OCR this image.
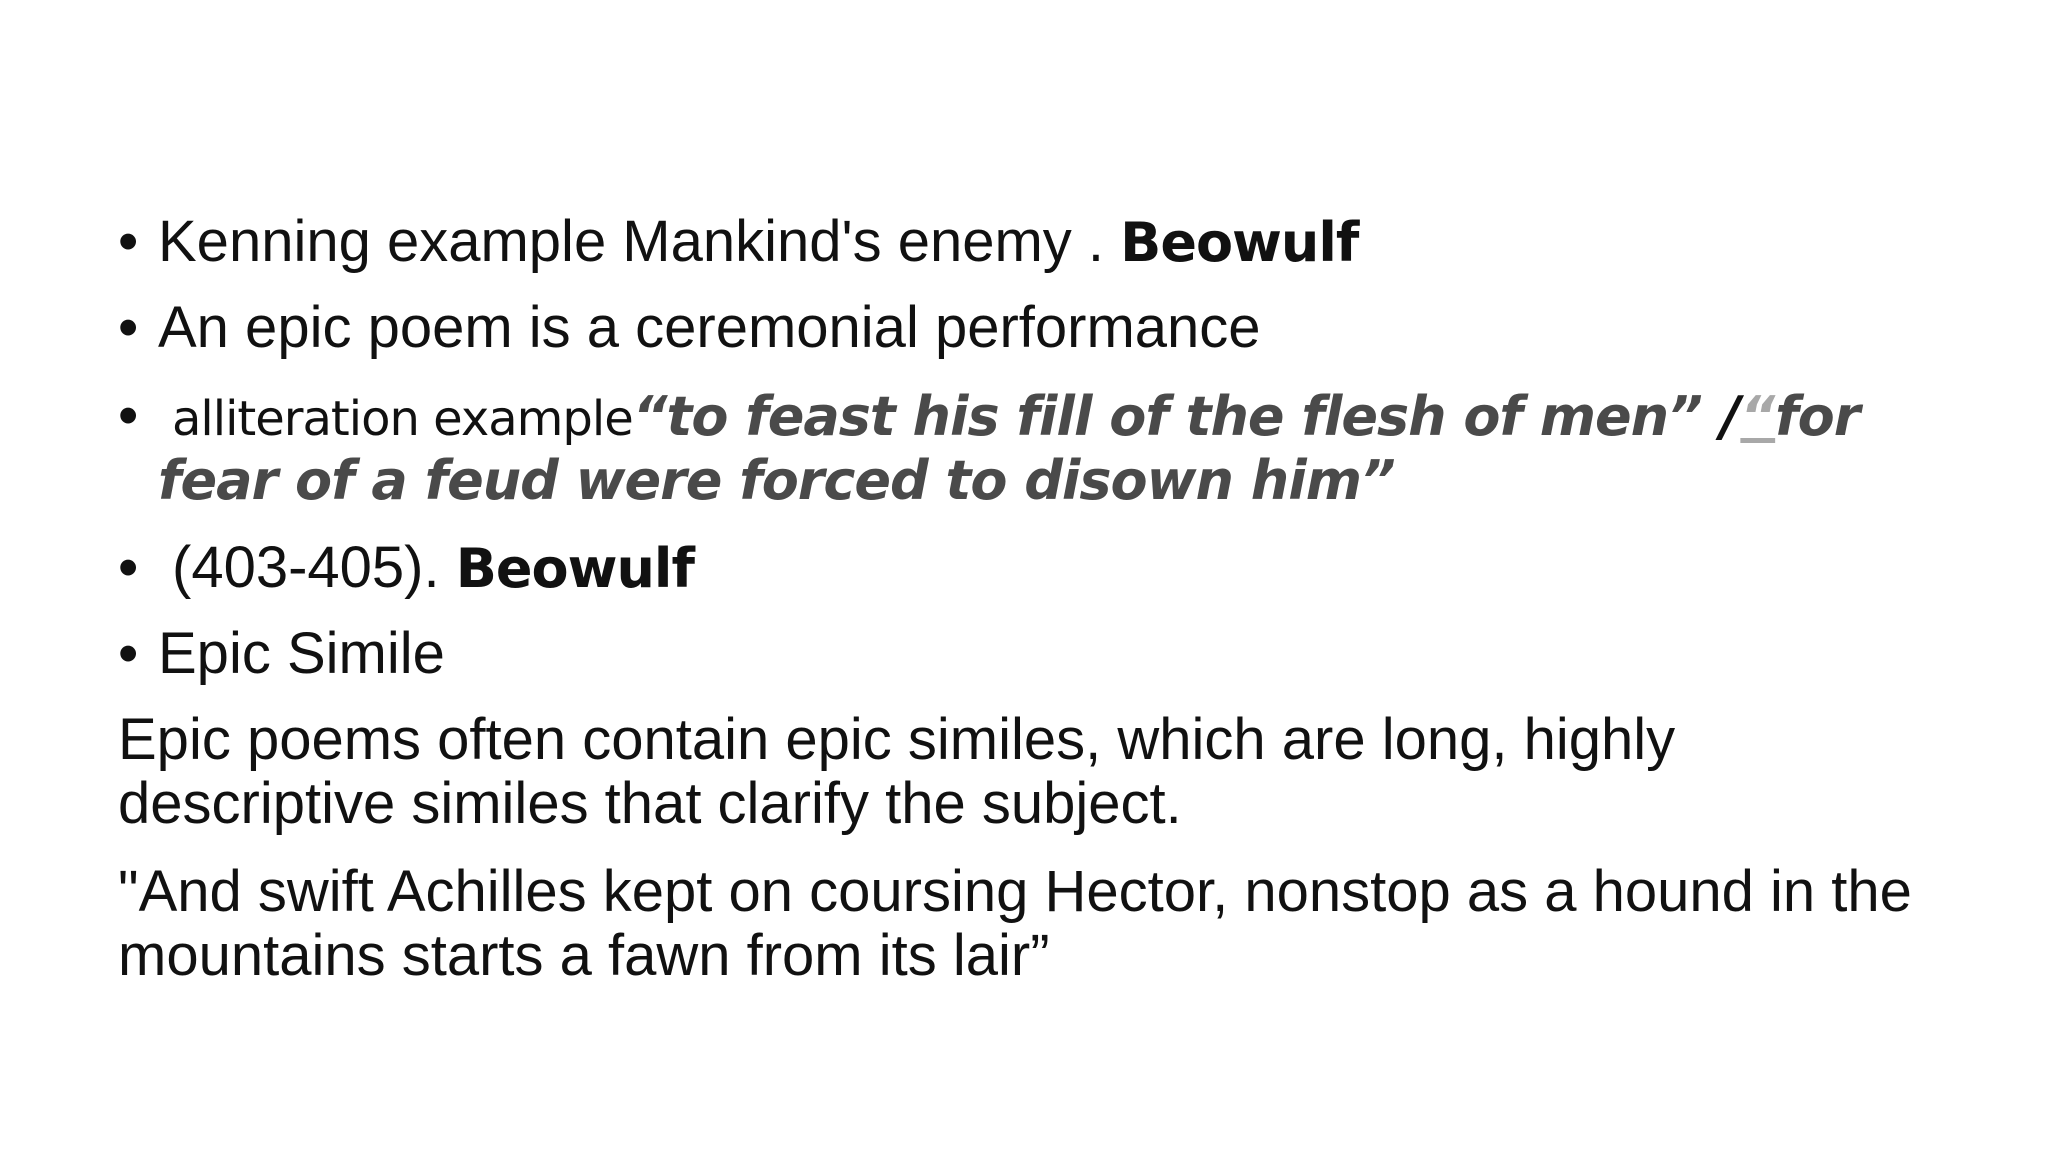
• Kenning example Mankind's enemy . Beowulf
• An epic poem is a ceremonial performance
• alliteration example“to feast his fill of the flesh of men” /“for
fear of a feud were forced to disown him”
• (403-405). Beowulf
• Epic Simile
Epic poems often contain epic similes, which are long, highly descriptive similes that clarify the subject.
"And swift Achilles kept on coursing Hector, nonstop as a hound in the mountains starts a fawn from its lair”
